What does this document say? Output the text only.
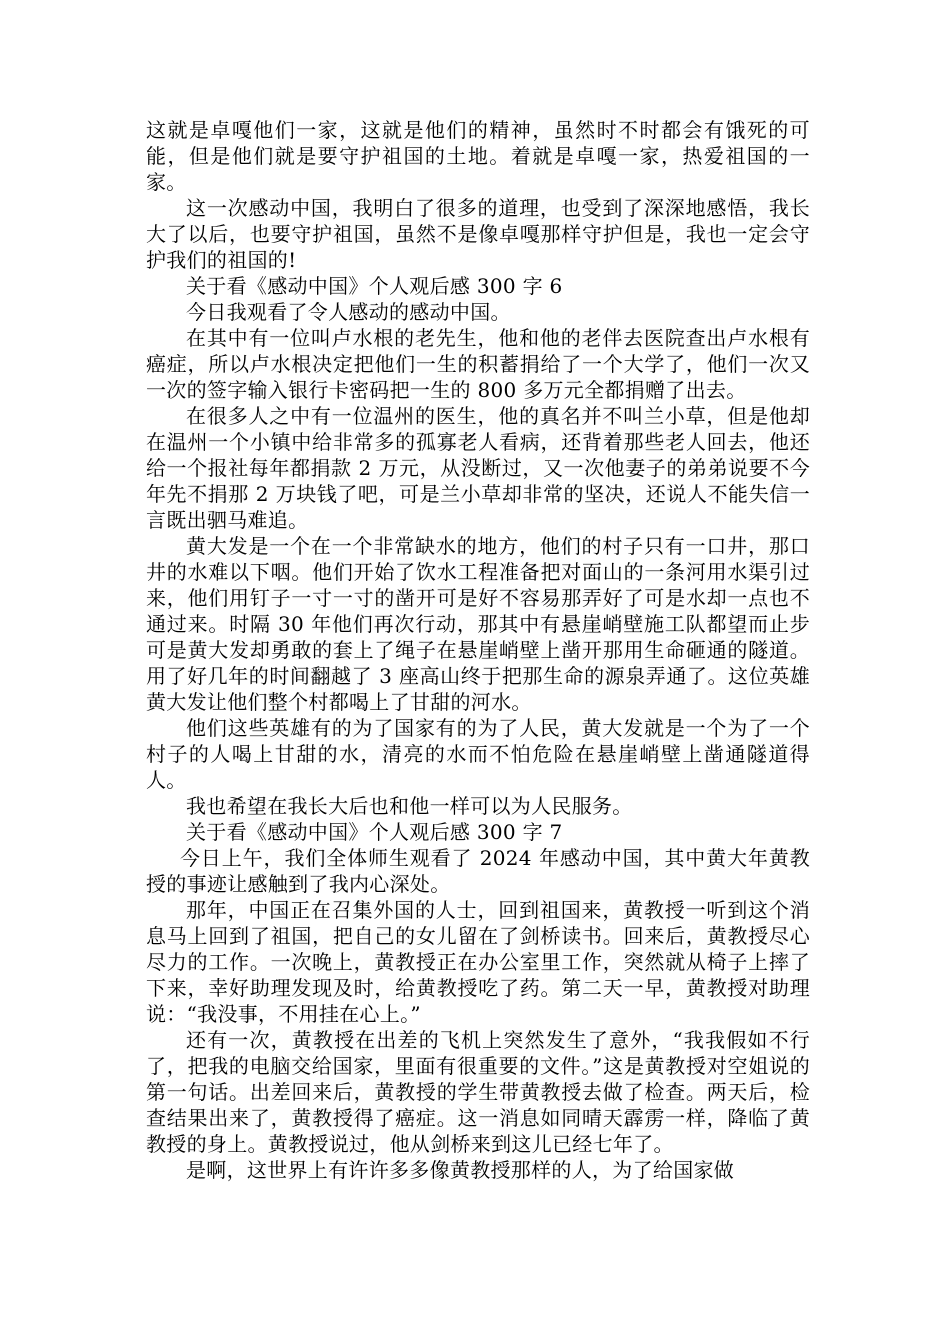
这就是卓嘎他们一家，这就是他们的精神，虽然时不时都会有饿死的可能，但是他们就是要守护祖国的土地。着就是卓嘎一家，热爱祖国的一家。

这一次感动中国，我明白了很多的道理，也受到了深深地感悟，我长大了以后，也要守护祖国，虽然不是像卓嘎那样守护但是，我也一定会守护我们的祖国的!

关于看《感动中国》个人观后感 300 字 6

今日我观看了令人感动的感动中国。

在其中有一位叫卢水根的老先生，他和他的老伴去医院查出卢水根有癌症，所以卢水根决定把他们一生的积蓄捐给了一个大学了，他们一次又一次的签字输入银行卡密码把一生的 800 多万元全都捐赠了出去。

在很多人之中有一位温州的医生，他的真名并不叫兰小草，但是他却在温州一个小镇中给非常多的孤寡老人看病，还背着那些老人回去，他还给一个报社每年都捐款 2 万元，从没断过，又一次他妻子的弟弟说要不今年先不捐那 2 万块钱了吧，可是兰小草却非常的坚决，还说人不能失信一言既出驷马难追。

黄大发是一个在一个非常缺水的地方，他们的村子只有一口井，那口井的水难以下咽。他们开始了饮水工程准备把对面山的一条河用水渠引过来，他们用钉子一寸一寸的凿开可是好不容易那弄好了可是水却一点也不通过来。时隔 30 年他们再次行动，那其中有悬崖峭壁施工队都望而止步可是黄大发却勇敢的套上了绳子在悬崖峭壁上凿开那用生命砸通的隧道。用了好几年的时间翻越了 3 座高山终于把那生命的源泉弄通了。这位英雄黄大发让他们整个村都喝上了甘甜的河水。

他们这些英雄有的为了国家有的为了人民，黄大发就是一个为了一个村子的人喝上甘甜的水，清亮的水而不怕危险在悬崖峭壁上凿通隧道得人。

我也希望在我长大后也和他一样可以为人民服务。

关于看《感动中国》个人观后感 300 字 7

今日上午，我们全体师生观看了 2024 年感动中国，其中黄大年黄教授的事迹让感触到了我内心深处。

那年，中国正在召集外国的人士，回到祖国来，黄教授一听到这个消息马上回到了祖国，把自己的女儿留在了剑桥读书。回来后，黄教授尽心尽力的工作。一次晚上，黄教授正在办公室里工作，突然就从椅子上摔了下来，幸好助理发现及时，给黄教授吃了药。第二天一早，黄教授对助理说：“我没事，不用挂在心上。”

还有一次，黄教授在出差的飞机上突然发生了意外，“我我假如不行了，把我的电脑交给国家，里面有很重要的文件。”这是黄教授对空姐说的第一句话。出差回来后，黄教授的学生带黄教授去做了检查。两天后，检查结果出来了，黄教授得了癌症。这一消息如同晴天霹雳一样，降临了黄教授的身上。黄教授说过，他从剑桥来到这儿已经七年了。

是啊，这世界上有许许多多像黄教授那样的人，为了给国家做
